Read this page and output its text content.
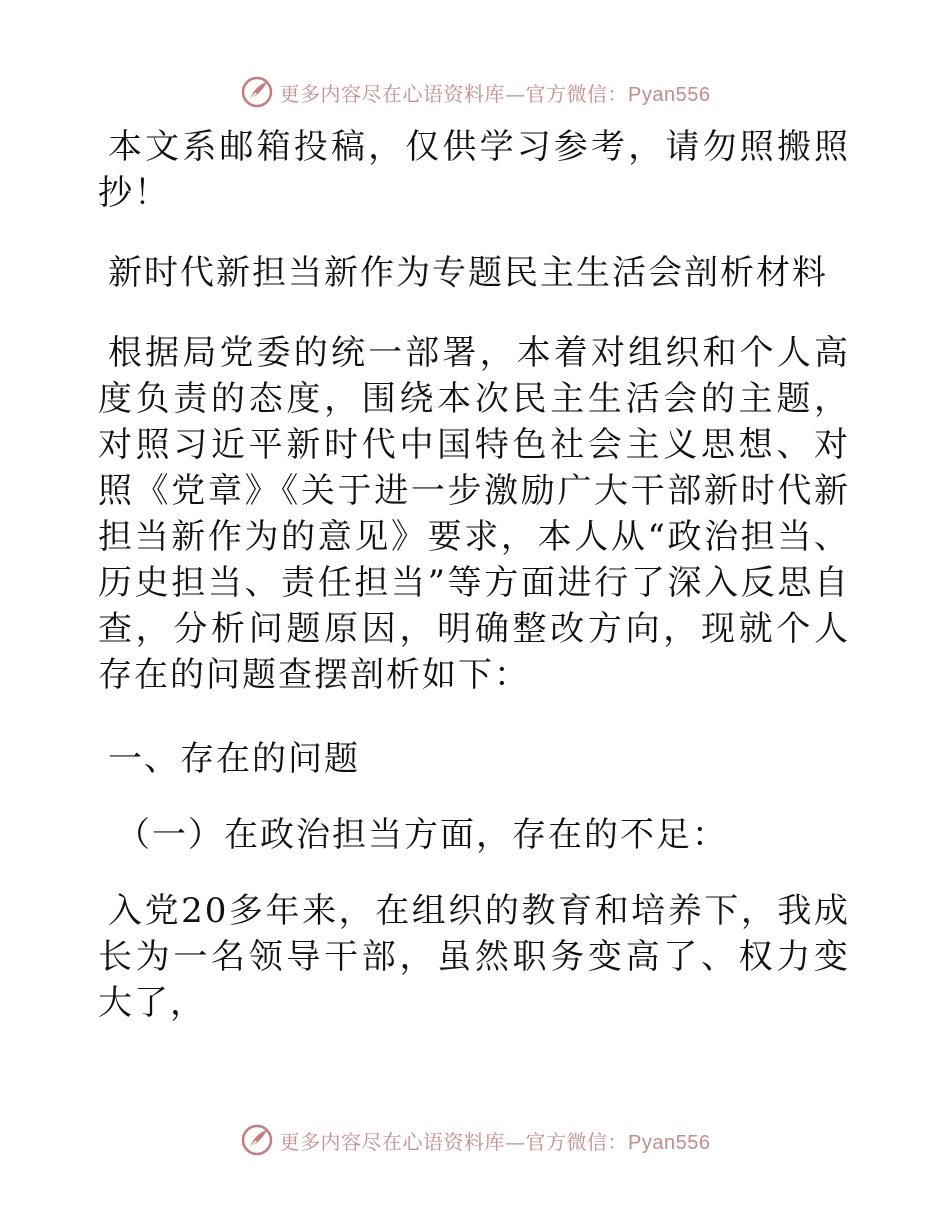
更多内容尽在心语资料库—官方微信：Pyan556

本文系邮箱投稿，仅供学习参考，请勿照搬照抄！

新时代新担当新作为专题民主生活会剖析材料

根据局党委的统一部署，本着对组织和个人高度负责的态度，围绕本次民主生活会的主题，对照习近平新时代中国特色社会主义思想、对照《党章》《关于进一步激励广大干部新时代新担当新作为的意见》要求，本人从“政治担当、历史担当、责任担当”等方面进行了深入反思自查，分析问题原因，明确整改方向，现就个人存在的问题查摆剖析如下：

一、存在的问题

（一）在政治担当方面，存在的不足：

入党20多年来，在组织的教育和培养下，我成长为一名领导干部，虽然职务变高了、权力变大了，

更多内容尽在心语资料库—官方微信：Pyan556
